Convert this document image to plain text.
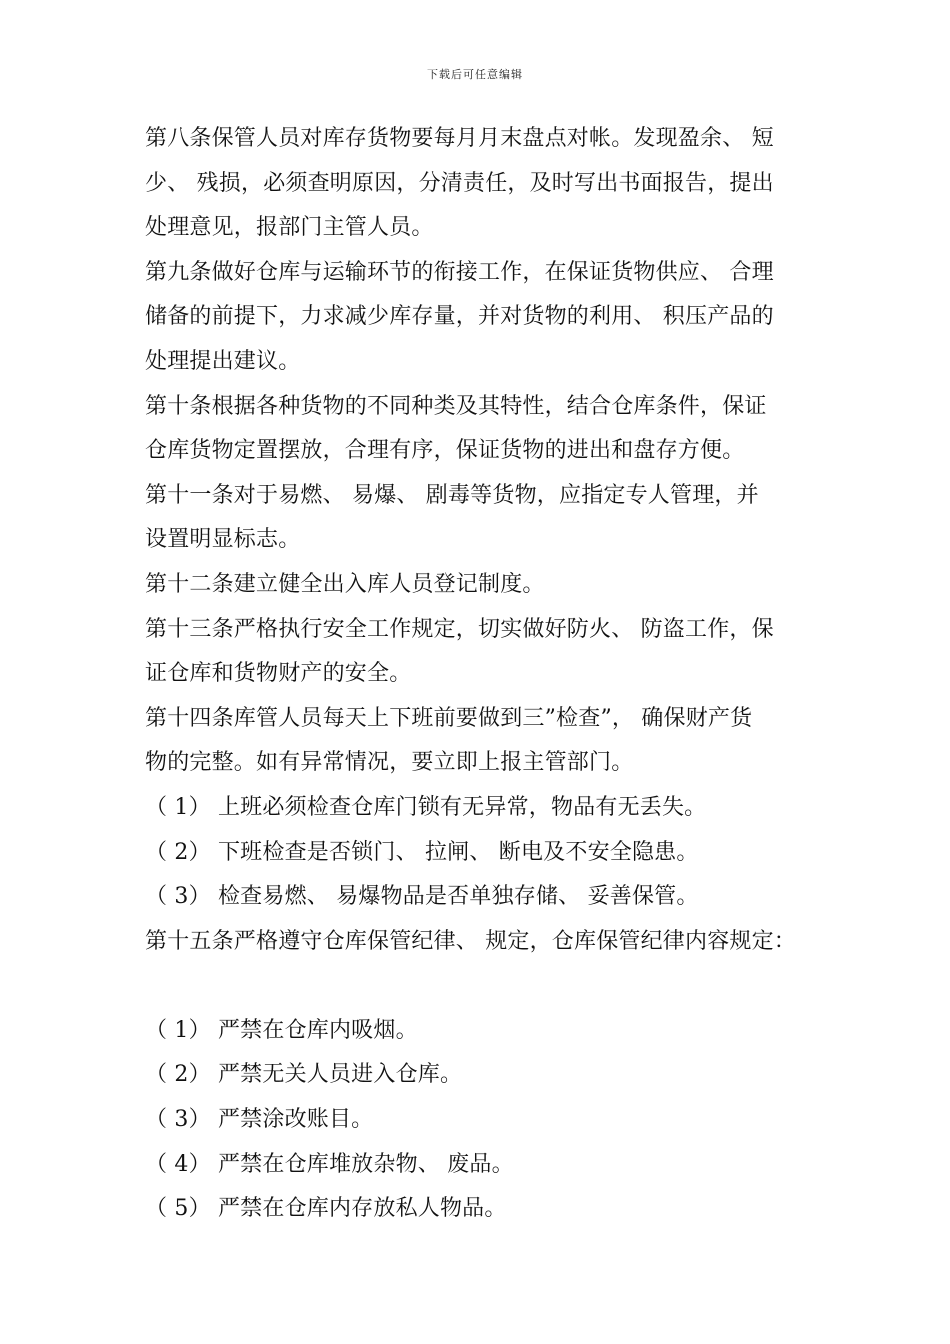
下载后可任意编辑
第八条保管人员对库存货物要每月月末盘点对帐。发现盈余、 短
少、 残损，必须查明原因，分清责任，及时写出书面报告，提出
处理意见，报部门主管人员。
第九条做好仓库与运输环节的衔接工作，在保证货物供应、 合理
储备的前提下，力求减少库存量，并对货物的利用、 积压产品的
处理提出建议。
第十条根据各种货物的不同种类及其特性，结合仓库条件，保证
仓库货物定置摆放，合理有序，保证货物的进出和盘存方便。
第十一条对于易燃、 易爆、 剧毒等货物，应指定专人管理，并
设置明显标志。
第十二条建立健全出入库人员登记制度。
第十三条严格执行安全工作规定，切实做好防火、 防盗工作，保
证仓库和货物财产的安全。
第十四条库管人员每天上下班前要做到三”检查”， 确保财产货
物的完整。如有异常情况，要立即上报主管部门。
（ 1） 上班必须检查仓库门锁有无异常，物品有无丢失。
（ 2） 下班检查是否锁门、 拉闸、 断电及不安全隐患。
（ 3） 检查易燃、 易爆物品是否单独存储、 妥善保管。
第十五条严格遵守仓库保管纪律、 规定，仓库保管纪律内容规定：
（ 1） 严禁在仓库内吸烟。
（ 2） 严禁无关人员进入仓库。
（ 3） 严禁涂改账目。
（ 4） 严禁在仓库堆放杂物、 废品。
（ 5） 严禁在仓库内存放私人物品。
